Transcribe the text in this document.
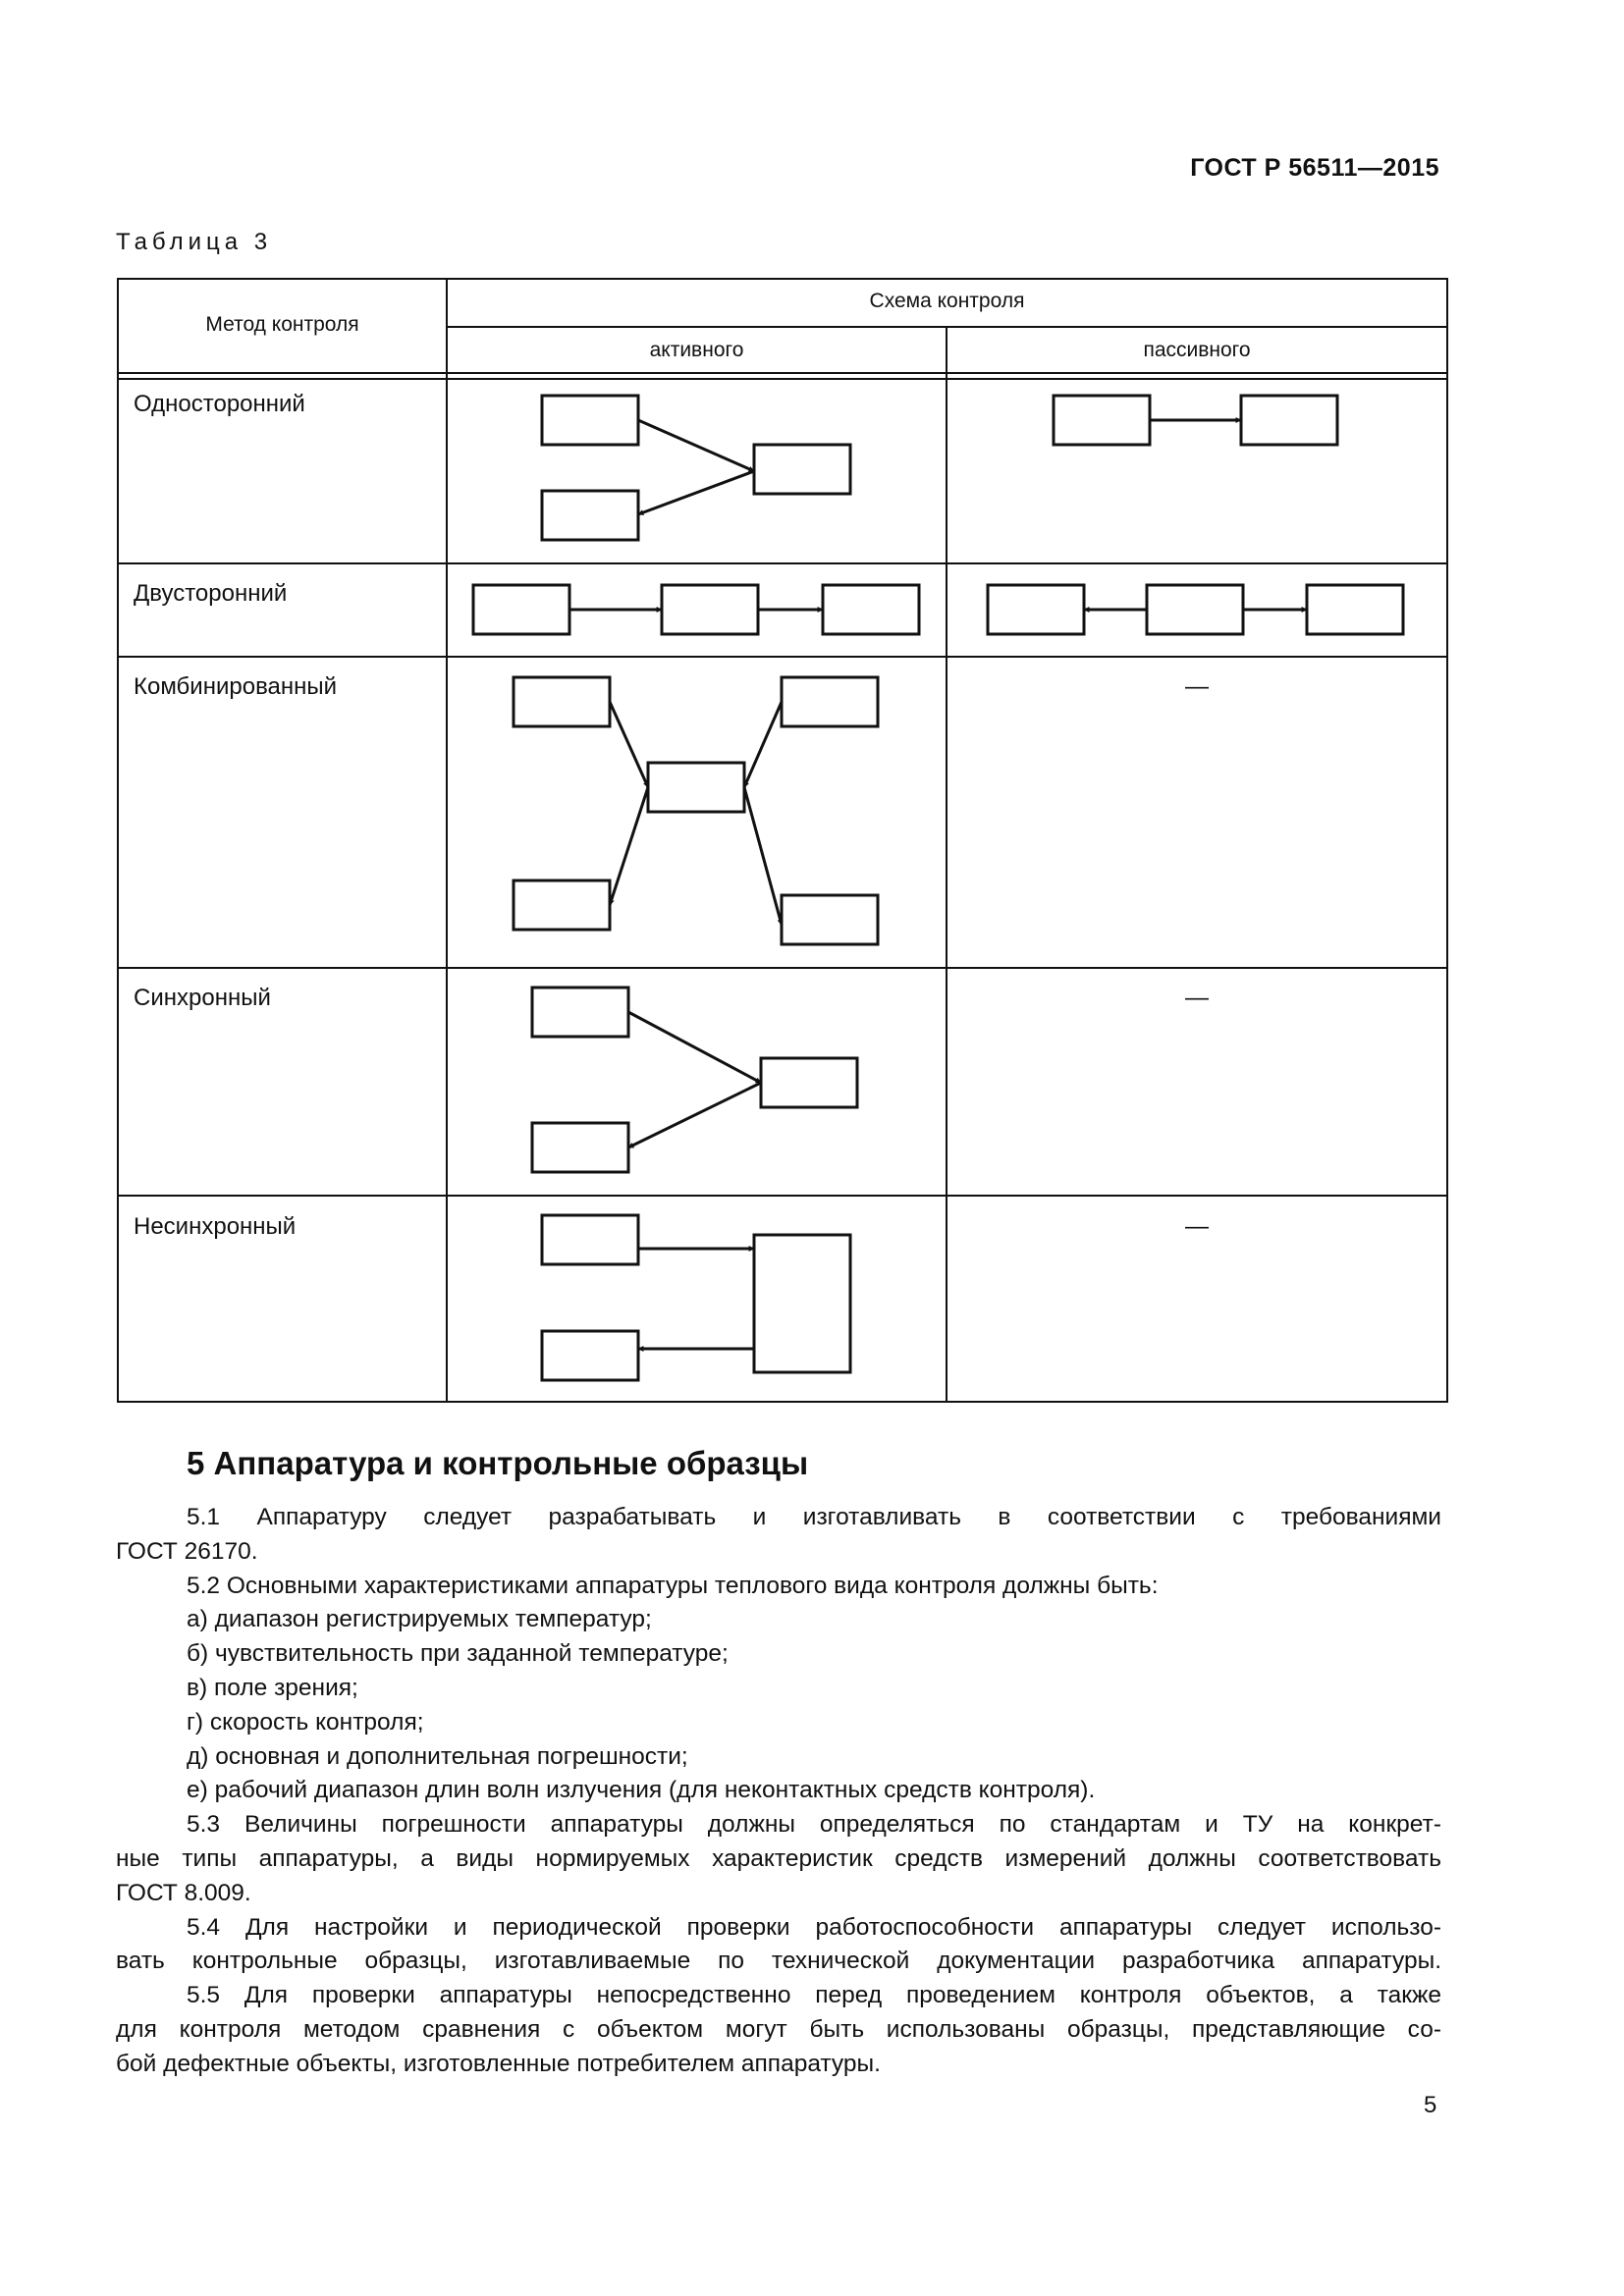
ГОСТ Р 56511—2015
Таблица 3
Метод контроля
Схема контроля
активного	пассивного
Односторонний
Двусторонний
Комбинированный
Синхронный
Несинхронный
—
—
—
5 Аппаратура и контрольные образцы

5.1 Аппаратуру следует разрабатывать и изготавливать в соответствии с требованиями

ГОСТ 26170.

5.2 Основными характеристиками аппаратуры теплового вида контроля должны быть:

а) диапазон регистрируемых температур;

б) чувствительность при заданной температуре;

в) поле зрения;

г) скорость контроля;

д) основная и дополнительная погрешности;

е) рабочий диапазон длин волн излучения (для неконтактных средств контроля).

5.3 Величины погрешности аппаратуры должны определяться по стандартам и ТУ на конкрет-

ные типы аппаратуры, а виды нормируемых характеристик средств измерений должны соответствовать

ГОСТ 8.009.

5.4 Для настройки и периодической проверки работоспособности аппаратуры следует использо-

вать контрольные образцы, изготавливаемые по технической документации разработчика аппаратуры.

5.5 Для проверки аппаратуры непосредственно перед проведением контроля объектов, а также

для контроля методом сравнения с объектом могут быть использованы образцы, представляющие со-

бой дефектные объекты, изготовленные потребителем аппаратуры.

5
